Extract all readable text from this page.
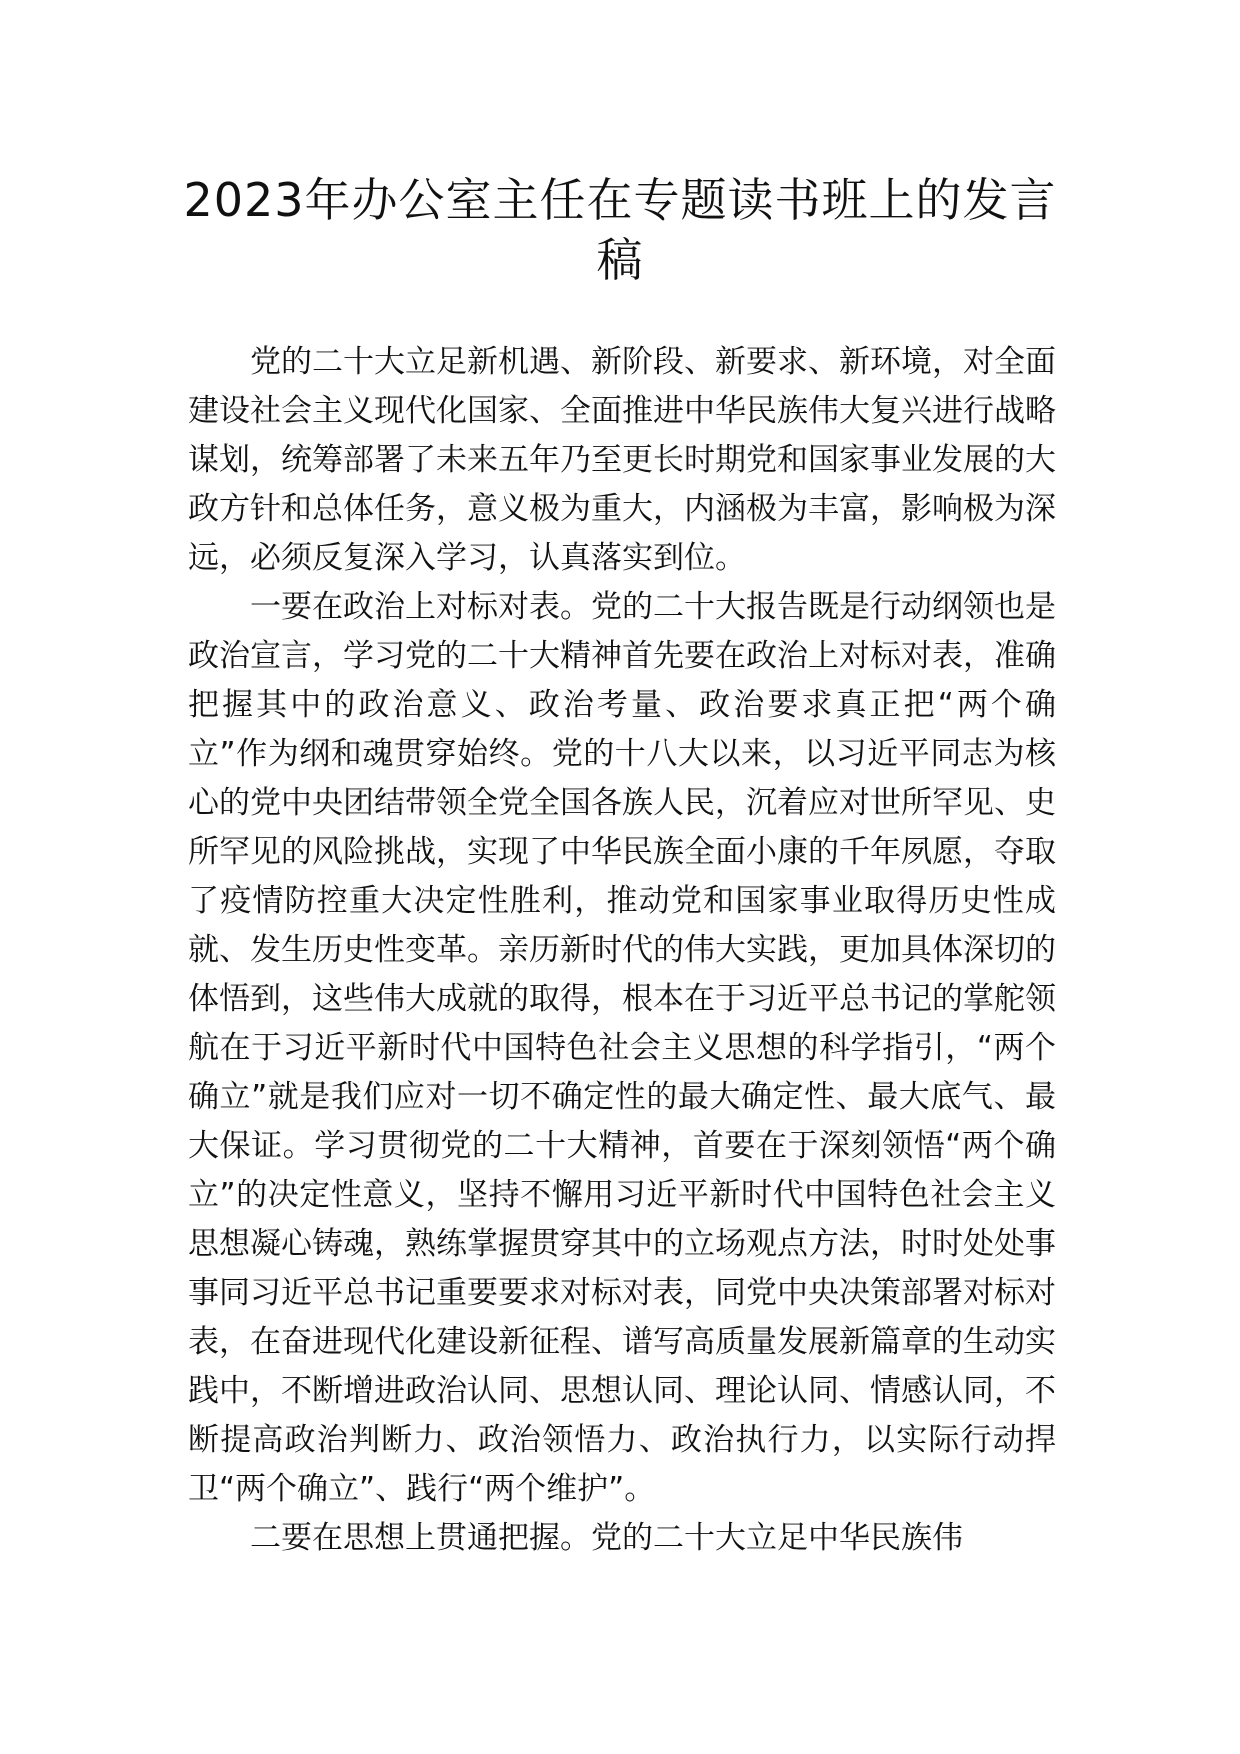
2023年办公室主任在专题读书班上的发言
稿

党的二十大立足新机遇、新阶段、新要求、新环境，对全面建设社会主义现代化国家、全面推进中华民族伟大复兴进行战略谋划，统筹部署了未来五年乃至更长时期党和国家事业发展的大政方针和总体任务，意义极为重大，内涵极为丰富，影响极为深远，必须反复深入学习，认真落实到位。

一要在政治上对标对表。党的二十大报告既是行动纲领也是政治宣言，学习党的二十大精神首先要在政治上对标对表，准确把握其中的政治意义、政治考量、政治要求真正把“两个确立”作为纲和魂贯穿始终。党的十八大以来，以习近平同志为核心的党中央团结带领全党全国各族人民，沉着应对世所罕见、史所罕见的风险挑战，实现了中华民族全面小康的千年夙愿，夺取了疫情防控重大决定性胜利，推动党和国家事业取得历史性成就、发生历史性变革。亲历新时代的伟大实践，更加具体深切的体悟到，这些伟大成就的取得，根本在于习近平总书记的掌舵领航在于习近平新时代中国特色社会主义思想的科学指引，“两个确立”就是我们应对一切不确定性的最大确定性、最大底气、最大保证。学习贯彻党的二十大精神，首要在于深刻领悟“两个确立”的决定性意义，坚持不懈用习近平新时代中国特色社会主义思想凝心铸魂，熟练掌握贯穿其中的立场观点方法，时时处处事事同习近平总书记重要要求对标对表，同党中央决策部署对标对表，在奋进现代化建设新征程、谱写高质量发展新篇章的生动实践中，不断增进政治认同、思想认同、理论认同、情感认同，不断提高政治判断力、政治领悟力、政治执行力，以实际行动捍卫“两个确立”、践行“两个维护”。

二要在思想上贯通把握。党的二十大立足中华民族伟
